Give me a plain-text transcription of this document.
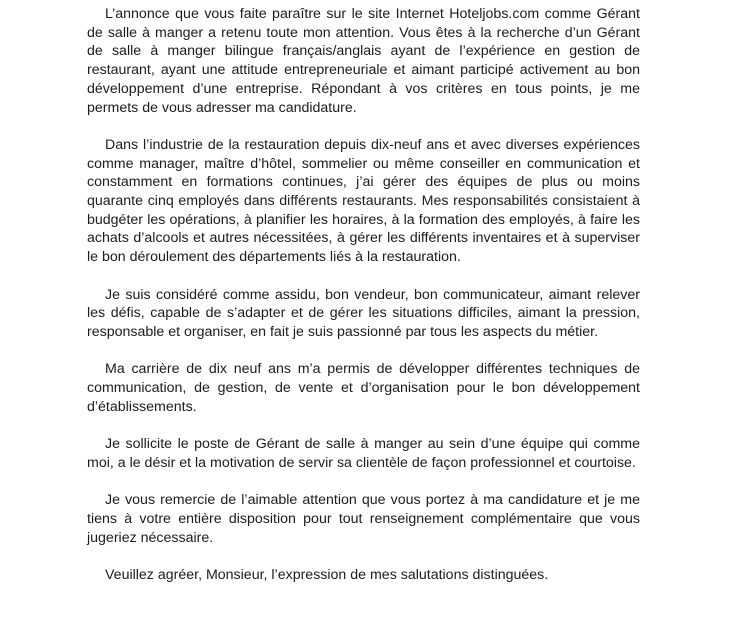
L’annonce que vous faite paraître sur le site Internet Hoteljobs.com comme Gérant de salle à manger a retenu toute mon attention. Vous êtes à la recherche d’un Gérant de salle à manger bilingue français/anglais ayant de l’expérience en gestion de restaurant, ayant une attitude entrepreneuriale et aimant participé activement au bon développement d’une entreprise. Répondant à vos critères en tous points, je me permets de vous adresser ma candidature.

Dans l’industrie de la restauration depuis dix-neuf ans et avec diverses expériences comme manager, maître d’hôtel, sommelier ou même conseiller en communication et constamment en formations continues, j’ai gérer des équipes de plus ou moins quarante cinq employés dans différents restaurants. Mes responsabilités consistaient à budgéter les opérations, à planifier les horaires, à la formation des employés, à faire les achats d’alcools et autres nécessitées, à gérer les différents inventaires et à superviser le bon déroulement des départements liés à la restauration.

Je suis considéré comme assidu, bon vendeur, bon communicateur, aimant relever les défis, capable de s’adapter et de gérer les situations difficiles, aimant la pression, responsable et organiser, en fait je suis passionné par tous les aspects du métier.

Ma carrière de dix neuf ans m’a permis de développer différentes techniques de communication, de gestion, de vente et d’organisation pour le bon développement d’établissements.

Je sollicite le poste de Gérant de salle à manger au sein d’une équipe qui comme moi, a le désir et la motivation de servir sa clientèle de façon professionnel et courtoise.

Je vous remercie de l’aimable attention que vous portez à ma candidature et je me tiens à votre entière disposition pour tout renseignement complémentaire que vous jugeriez nécessaire.

Veuillez agréer, Monsieur, l’expression de mes salutations distinguées.
